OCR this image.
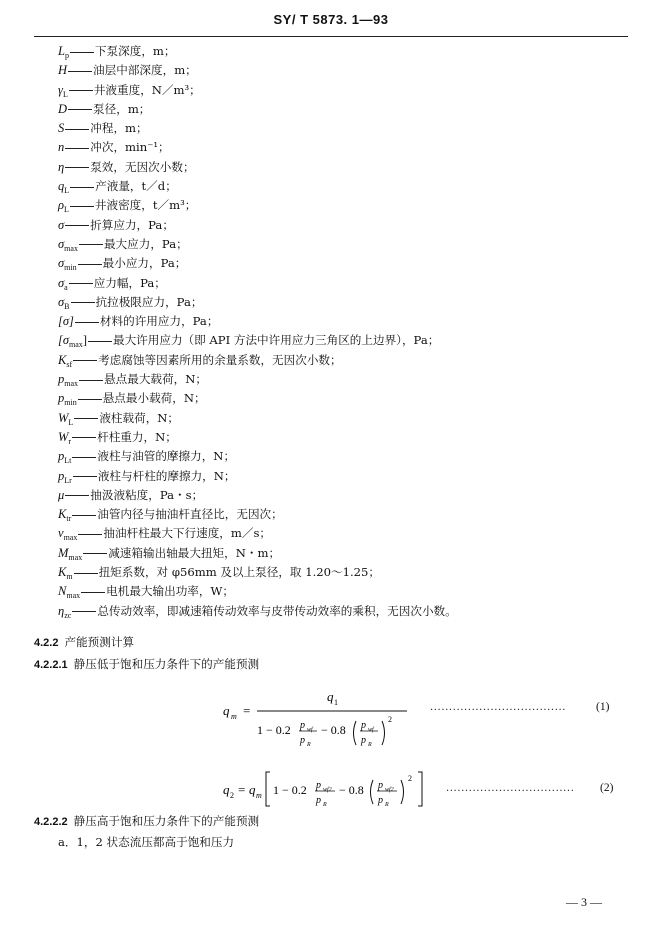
SY/ T 5873. 1—93
$L_p$ 下泵深度，m；
H 油层中部深度，m；
$\gamma_L$ 井液重度，N／m³；
D 泵径，m；
S 冲程，m；
n 冲次，min⁻¹；
η 泵效，无因次小数；
$q_L$ 产液量，t／d；
$\rho_L$ 井液密度，t／m³；
σ 折算应力，Pa；
$\sigma_{max}$ 最大应力，Pa；
$\sigma_{min}$ 最小应力，Pa；
$\sigma_a$ 应力幅，Pa；
$\sigma_B$ 抗拉极限应力，Pa；
[σ] 材料的许用应力，Pa；
$[\sigma_{max}]$ 最大许用应力（即 API 方法中许用应力三角区的上边界），Pa；
$K_{sf}$ 考虑腐蚀等因素所用的余量系数，无因次小数；
$p_{max}$ 悬点最大载荷，N；
$p_{min}$ 悬点最小载荷，N；
$W_L$ 液柱载荷，N；
$W_r$ 杆柱重力，N；
$p_{Lt}$ 液柱与油管的摩擦力，N；
$p_{Lr}$ 液柱与杆柱的摩擦力，N；
μ 抽汲液粘度，Pa・s；
$K_{tr}$ 油管内径与抽油杆直径比，无因次；
$v_{max}$ 抽油杆柱最大下行速度，m／s；
$M_{max}$ 减速箱输出轴最大扭矩，N・m；
$K_m$ 扭矩系数，对 φ56mm 及以上泵径，取 1.20～1.25；
$N_{max}$ 电机最大输出功率，W；
$\eta_{zc}$ 总传动效率，即减速箱传动效率与皮带传动效率的乘积，无因次小数。
4.2.2 产能预测计算
4.2.2.1 静压低于饱和压力条件下的产能预测
q m =
q 1
1 − 0.2 p wf
p R
− 0.8 p wf
p R
2
....................................	(1)
q 2 = q m 1 − 0.2 p wf2
p R
− 0.8 p wf2
p R
2
.................................. (2)
4.2.2.2 静压高于饱和压力条件下的产能预测
a．1，2 状态流压都高于饱和压力
— 3 —
